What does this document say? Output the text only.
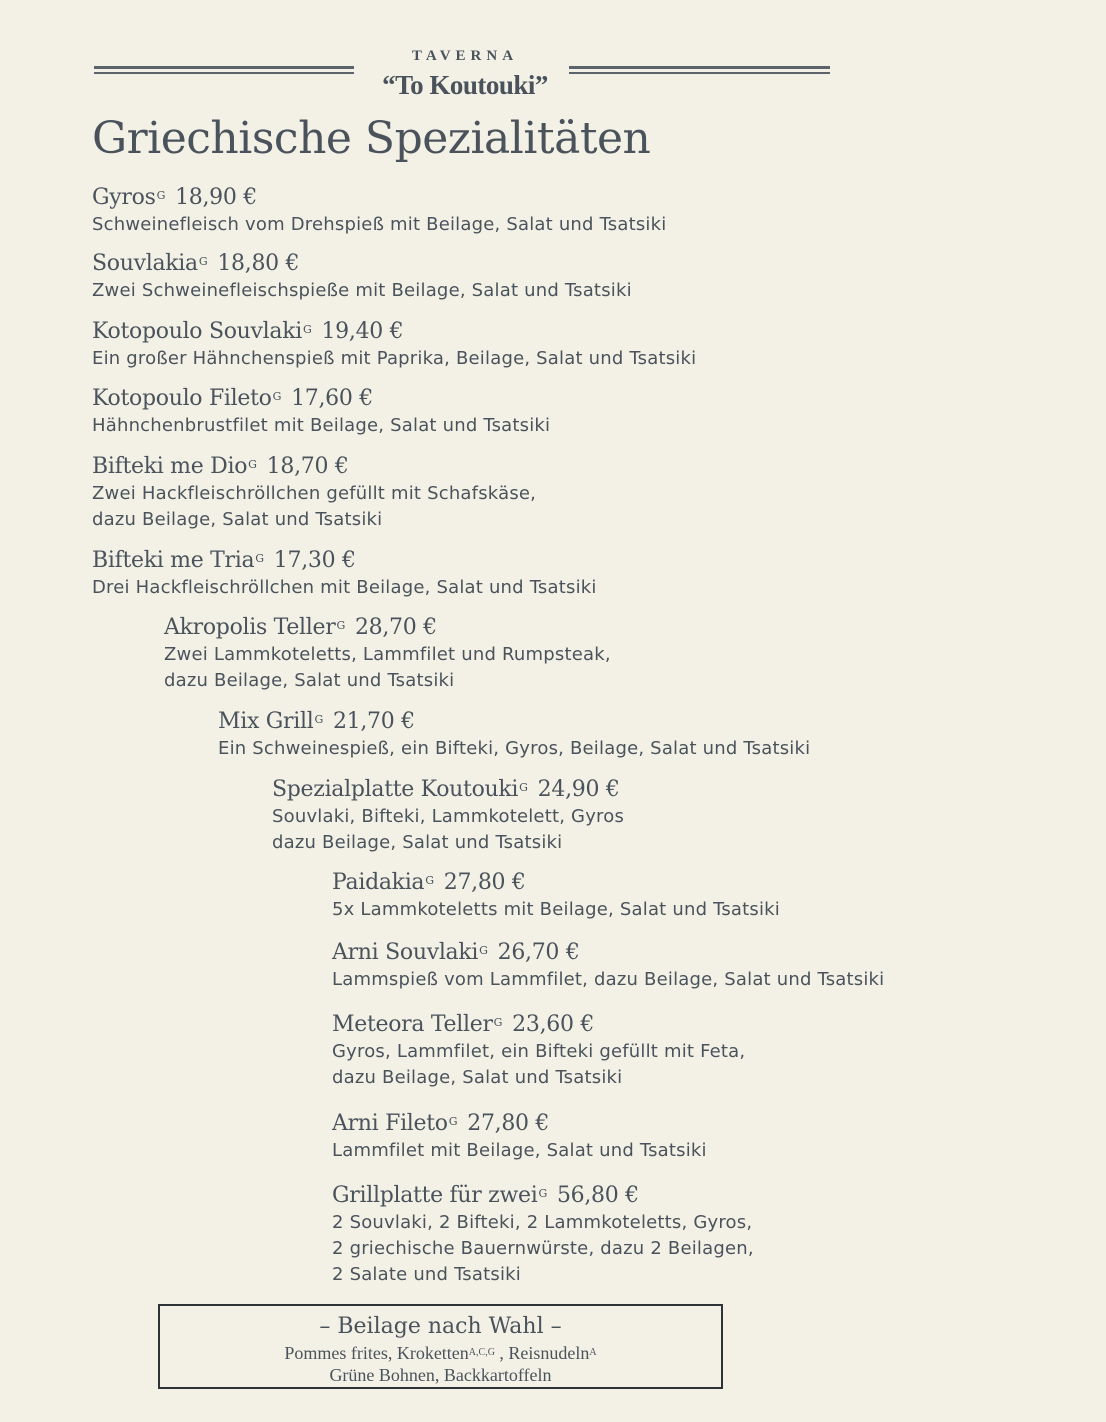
TAVERNA
“To Koutouki”
Griechische Spezialitäten
Gyros$^G$ 18,90 €
Schweinefleisch vom Drehspieß mit Beilage, Salat und Tsatsiki
Souvlakia$^G$ 18,80 €
Zwei Schweinefleischspieße mit Beilage, Salat und Tsatsiki
Kotopoulo Souvlaki$^G$ 19,40 €
Ein großer Hähnchenspieß mit Paprika, Beilage, Salat und Tsatsiki
Kotopoulo Fileto$^G$ 17,60 €
Hähnchenbrustfilet mit Beilage, Salat und Tsatsiki
Bifteki me Dio$^G$ 18,70 €
Zwei Hackfleischröllchen gefüllt mit Schafskäse,
dazu Beilage, Salat und Tsatsiki
Bifteki me Tria$^G$ 17,30 €
Drei Hackfleischröllchen mit Beilage, Salat und Tsatsiki
Akropolis Teller$^G$ 28,70 €
Zwei Lammkoteletts, Lammfilet und Rumpsteak,
dazu Beilage, Salat und Tsatsiki
Mix Grill$^G$ 21,70 €
Ein Schweinespieß, ein Bifteki, Gyros, Beilage, Salat und Tsatsiki
Spezialplatte Koutouki$^G$ 24,90 €
Souvlaki, Bifteki, Lammkotelett, Gyros
dazu Beilage, Salat und Tsatsiki
Paidakia$^G$ 27,80 €
5x Lammkoteletts mit Beilage, Salat und Tsatsiki
Arni Souvlaki$^G$ 26,70 €
Lammspieß vom Lammfilet, dazu Beilage, Salat und Tsatsiki
Meteora Teller$^G$ 23,60 €
Gyros, Lammfilet, ein Bifteki gefüllt mit Feta,
dazu Beilage, Salat und Tsatsiki
Arni Fileto$^G$ 27,80 €
Lammfilet mit Beilage, Salat und Tsatsiki
Grillplatte für zwei$^G$ 56,80 €
2 Souvlaki, 2 Bifteki, 2 Lammkoteletts, Gyros,
2 griechische Bauernwürste, dazu 2 Beilagen,
2 Salate und Tsatsiki
– Beilage nach Wahl –
Pommes frites, Kroketten$^{A,C,G}$ , Reisnudeln$^A$
Grüne Bohnen, Backkartoffeln
